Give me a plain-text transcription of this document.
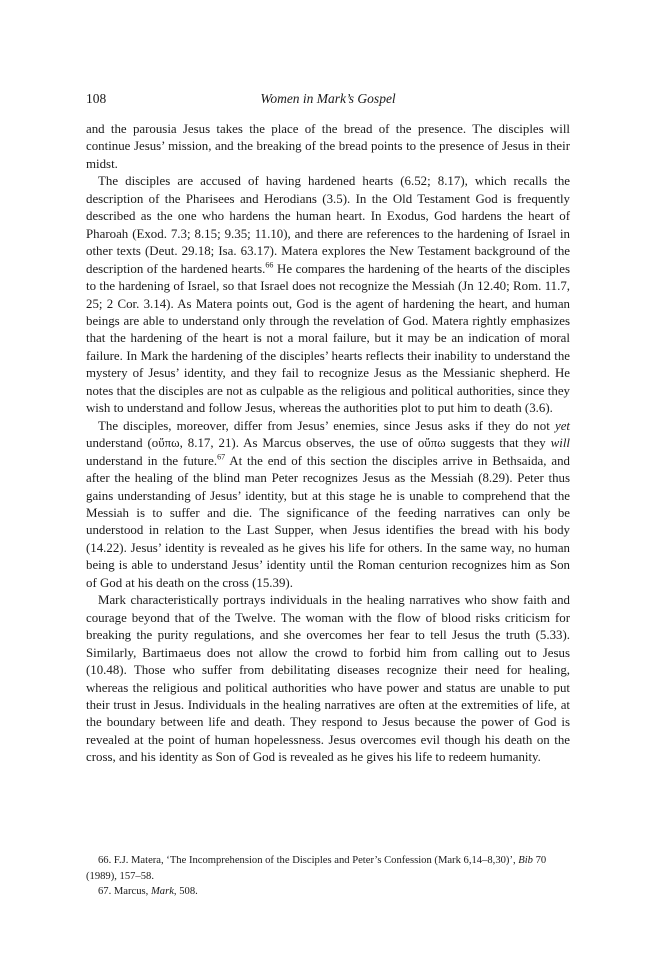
108	Women in Mark’s Gospel

and the parousia Jesus takes the place of the bread of the presence. The disciples will continue Jesus’ mission, and the breaking of the bread points to the presence of Jesus in their midst.

The disciples are accused of having hardened hearts (6.52; 8.17), which recalls the description of the Pharisees and Herodians (3.5). In the Old Testament God is frequently described as the one who hardens the human heart. In Exodus, God hardens the heart of Pharoah (Exod. 7.3; 8.15; 9.35; 11.10), and there are references to the hardening of Israel in other texts (Deut. 29.18; Isa. 63.17). Matera explores the New Testament background of the description of the hardened hearts.$^{66}$ He compares the hardening of the hearts of the disciples to the hardening of Israel, so that Israel does not recognize the Messiah (Jn 12.40; Rom. 11.7, 25; 2 Cor. 3.14). As Matera points out, God is the agent of hardening the heart, and human beings are able to understand only through the revelation of God. Matera rightly emphasizes that the hardening of the heart is not a moral failure, but it may be an indication of moral failure. In Mark the hardening of the disciples’ hearts reflects their inability to understand the mystery of Jesus’ identity, and they fail to recognize Jesus as the Messianic shepherd. He notes that the disciples are not as culpable as the religious and political authorities, since they wish to understand and follow Jesus, whereas the authorities plot to put him to death (3.6).

The disciples, moreover, differ from Jesus’ enemies, since Jesus asks if they do not yet understand (οὔπω, 8.17, 21). As Marcus observes, the use of οὔπω suggests that they will understand in the future.$^{67}$ At the end of this section the disciples arrive in Bethsaida, and after the healing of the blind man Peter recognizes Jesus as the Messiah (8.29). Peter thus gains understanding of Jesus’ identity, but at this stage he is unable to comprehend that the Messiah is to suffer and die. The significance of the feeding narratives can only be understood in relation to the Last Supper, when Jesus identifies the bread with his body (14.22). Jesus’ identity is revealed as he gives his life for others. In the same way, no human being is able to understand Jesus’ identity until the Roman centurion recognizes him as Son of God at his death on the cross (15.39).

Mark characteristically portrays individuals in the healing narratives who show faith and courage beyond that of the Twelve. The woman with the flow of blood risks criticism for breaking the purity regulations, and she overcomes her fear to tell Jesus the truth (5.33). Similarly, Bartimaeus does not allow the crowd to forbid him from calling out to Jesus (10.48). Those who suffer from debilitating diseases recognize their need for healing, whereas the religious and political authorities who have power and status are unable to put their trust in Jesus. Individuals in the healing narratives are often at the extremities of life, at the boundary between life and death. They respond to Jesus because the power of God is revealed at the point of human hopelessness. Jesus overcomes evil though his death on the cross, and his identity as Son of God is revealed as he gives his life to redeem humanity.

66. F.J. Matera, ‘The Incomprehension of the Disciples and Peter’s Confession (Mark 6,14–8,30)’, Bib 70 (1989), 157–58.

67. Marcus, Mark, 508.
